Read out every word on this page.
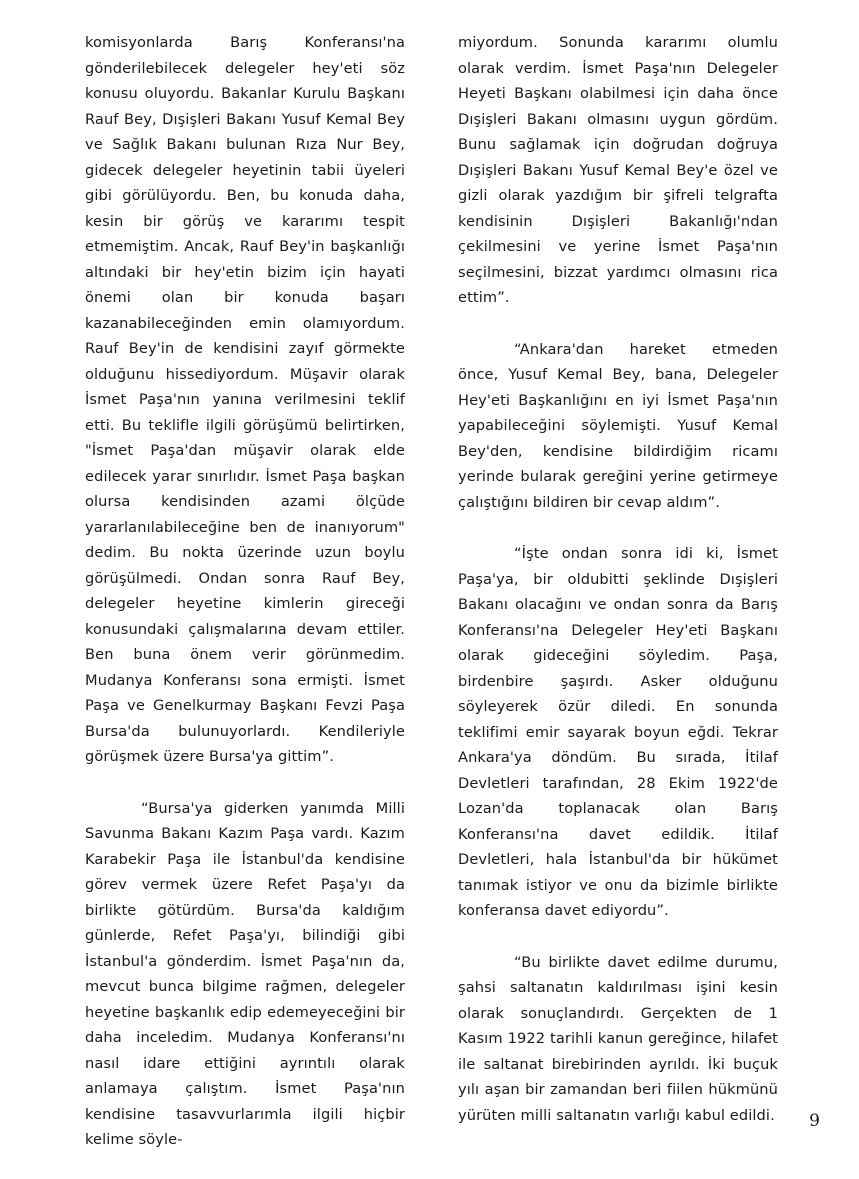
komisyonlarda Barış Konferansı'na gönderilebilecek delegeler hey'eti söz konusu oluyordu. Bakanlar Kurulu Başkanı Rauf Bey, Dışişleri Bakanı Yusuf Kemal Bey ve Sağlık Bakanı bulunan Rıza Nur Bey, gidecek delegeler heyetinin tabii üyeleri gibi görülüyordu. Ben, bu konuda daha, kesin bir görüş ve kararımı tespit etmemiştim. Ancak, Rauf Bey'in başkanlığı altındaki bir hey'etin bizim için hayati önemi olan bir konuda başarı kazanabileceğinden emin olamıyordum. Rauf Bey'in de kendisini zayıf görmekte olduğunu hissediyordum. Müşavir olarak İsmet Paşa'nın yanına verilmesini teklif etti. Bu teklifle ilgili görüşümü belirtirken, "İsmet Paşa'dan müşavir olarak elde edilecek yarar sınırlıdır. İsmet Paşa başkan olursa kendisinden azami ölçüde yararlanılabileceğine ben de inanıyorum" dedim. Bu nokta üzerinde uzun boylu görüşülmedi. Ondan sonra Rauf Bey, delegeler heyetine kimlerin gireceği konusundaki çalışmalarına devam ettiler. Ben buna önem verir görünmedim. Mudanya Konferansı sona ermişti. İsmet Paşa ve Genelkurmay Başkanı Fevzi Paşa Bursa'da bulunuyorlardı. Kendileriyle görüşmek üzere Bursa'ya gittim”.

“Bursa'ya giderken yanımda Milli Savunma Bakanı Kazım Paşa vardı. Kazım Karabekir Paşa ile İstanbul'da kendisine görev vermek üzere Refet Paşa'yı da birlikte götürdüm. Bursa'da kaldığım günlerde, Refet Paşa'yı, bilindiği gibi İstanbul'a gönderdim. İsmet Paşa'nın da, mevcut bunca bilgime rağmen, delegeler heyetine başkanlık edip edemeyeceğini bir daha inceledim. Mudanya Konferansı'nı nasıl idare ettiğini ayrıntılı olarak anlamaya çalıştım. İsmet Paşa'nın kendisine tasavvurlarımla ilgili hiçbir kelime söyle-

miyordum. Sonunda kararımı olumlu olarak verdim. İsmet Paşa'nın Delegeler Heyeti Başkanı olabilmesi için daha önce Dışişleri Bakanı olmasını uygun gördüm. Bunu sağlamak için doğrudan doğruya Dışişleri Bakanı Yusuf Kemal Bey'e özel ve gizli olarak yazdığım bir şifreli telgrafta kendisinin Dışişleri Bakanlığı'ndan çekilmesini ve yerine İsmet Paşa'nın seçilmesini, bizzat yardımcı olmasını rica ettim”.

“Ankara'dan hareket etmeden önce, Yusuf Kemal Bey, bana, Delegeler Hey'eti Başkanlığını en iyi İsmet Paşa'nın yapabileceğini söylemişti. Yusuf Kemal Bey'den, kendisine bildirdiğim ricamı yerinde bularak gereğini yerine getirmeye çalıştığını bildiren bir cevap aldım”.

“İşte ondan sonra idi ki, İsmet Paşa'ya, bir oldubitti şeklinde Dışişleri Bakanı olacağını ve ondan sonra da Barış Konferansı'na Delegeler Hey'eti Başkanı olarak gideceğini söyledim. Paşa, birdenbire şaşırdı. Asker olduğunu söyleyerek özür diledi. En sonunda teklifimi emir sayarak boyun eğdi. Tekrar Ankara'ya döndüm. Bu sırada, İtilaf Devletleri tarafından, 28 Ekim 1922'de Lozan'da toplanacak olan Barış Konferansı'na davet edildik. İtilaf Devletleri, hala İstanbul'da bir hükümet tanımak istiyor ve onu da bizimle birlikte konferansa davet ediyordu”.

“Bu birlikte davet edilme durumu, şahsi saltanatın kaldırılması işini kesin olarak sonuçlandırdı. Gerçekten de 1 Kasım 1922 tarihli kanun gereğince, hilafet ile saltanat birebirinden ayrıldı. İki buçuk yılı aşan bir zamandan beri fiilen hükmünü yürüten milli saltanatın varlığı kabul edildi.	9
